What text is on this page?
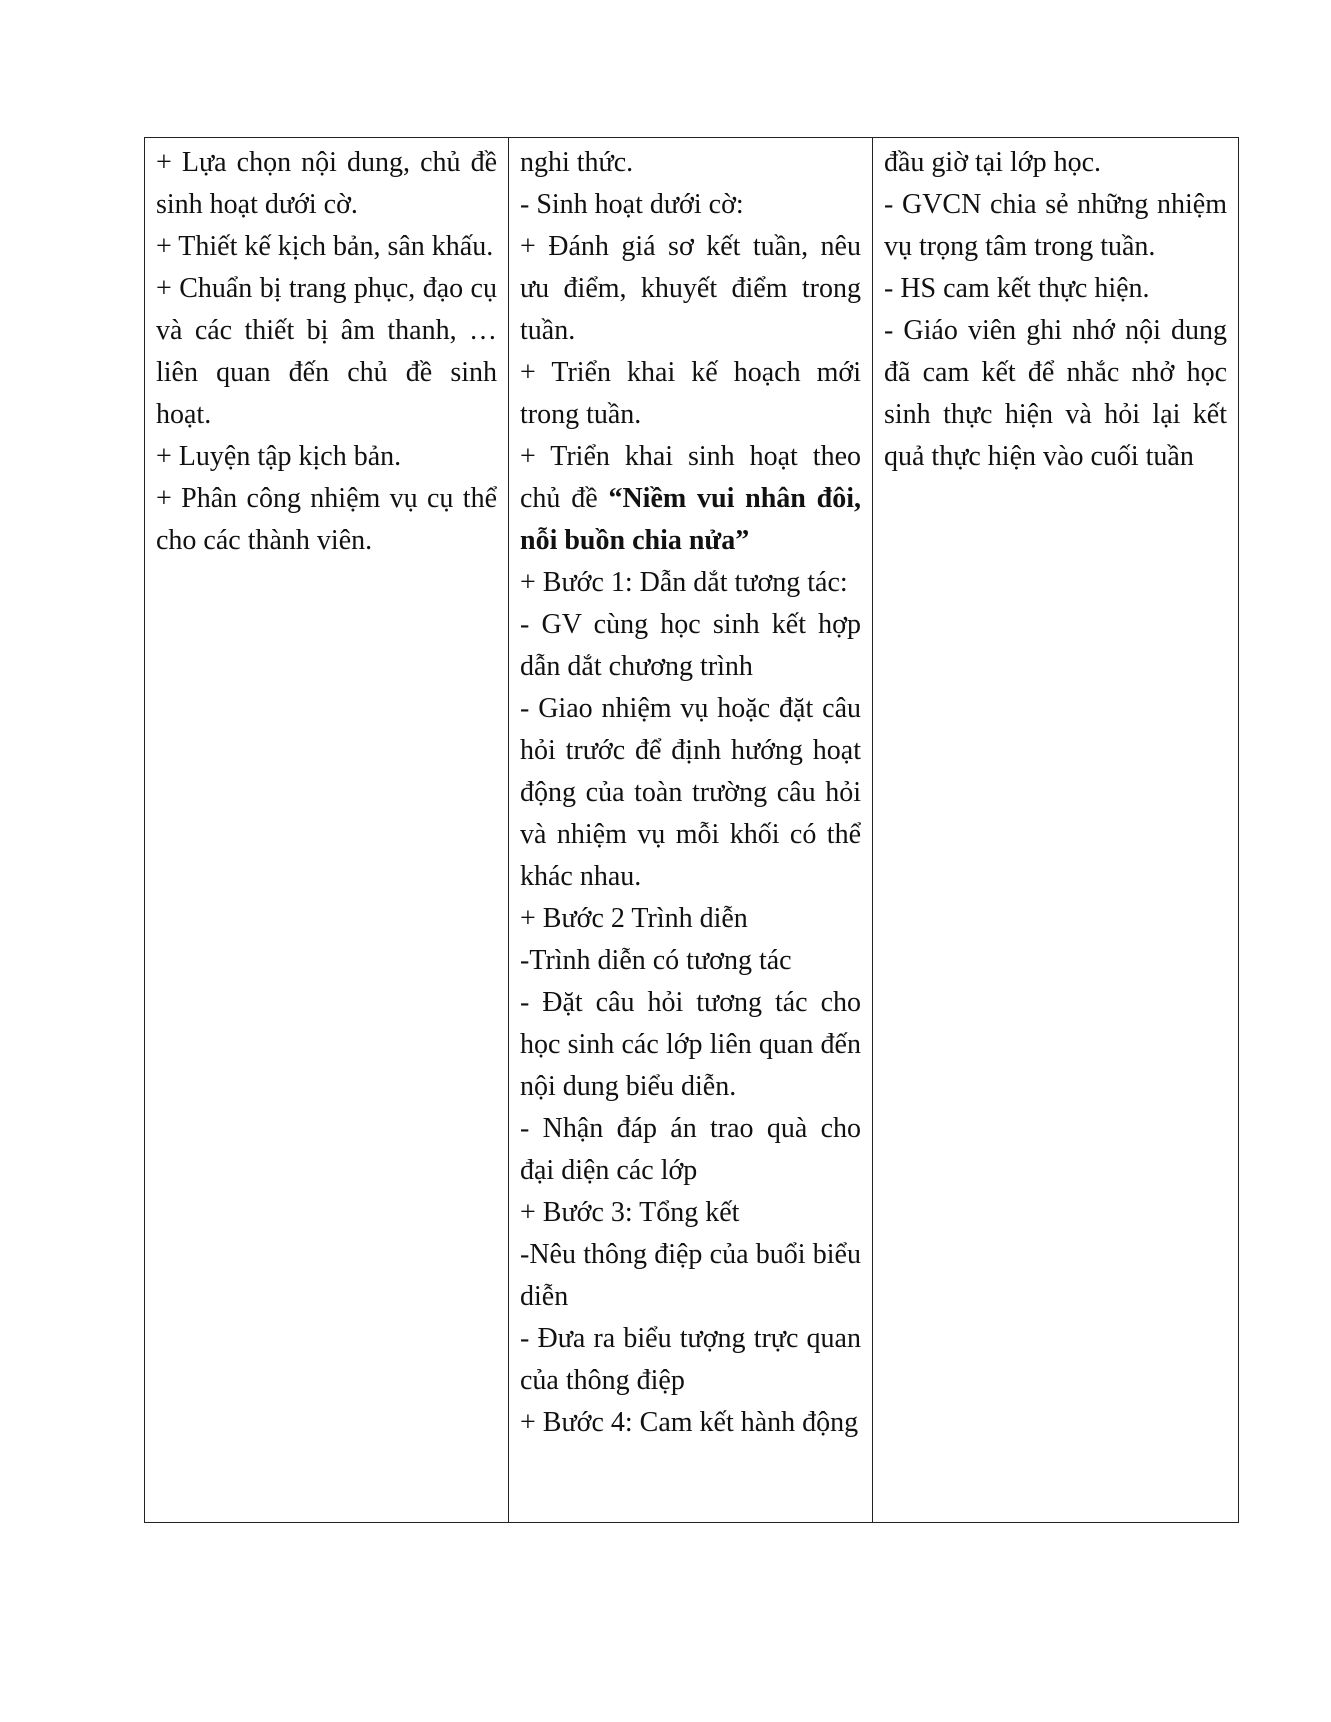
+ Lựa chọn nội dung, chủ đề sinh hoạt dưới cờ.
+ Thiết kế kịch bản, sân khấu.
+ Chuẩn bị trang phục, đạo cụ và các thiết bị âm thanh, … liên quan đến chủ đề sinh hoạt.
+ Luyện tập kịch bản.
+ Phân công nhiệm vụ cụ thể cho các thành viên.

nghi thức.
- Sinh hoạt dưới cờ:
+ Đánh giá sơ kết tuần, nêu ưu điểm, khuyết điểm trong tuần.
+ Triển khai kế hoạch mới trong tuần.
+ Triển khai sinh hoạt theo chủ đề “Niềm vui nhân đôi, nỗi buồn chia nửa”
+ Bước 1: Dẫn dắt tương tác:
- GV cùng học sinh kết hợp dẫn dắt chương trình
- Giao nhiệm vụ hoặc đặt câu hỏi trước để định hướng hoạt động của toàn trường câu hỏi và nhiệm vụ mỗi khối có thể khác nhau.
+ Bước 2 Trình diễn
-Trình diễn có tương tác
- Đặt câu hỏi tương tác cho học sinh các lớp liên quan đến nội dung biểu diễn.
- Nhận đáp án trao quà cho đại diện các lớp
+ Bước 3: Tổng kết
-Nêu thông điệp của buổi biểu diễn
- Đưa ra biểu tượng trực quan của thông điệp
+ Bước 4: Cam kết hành động

đầu giờ tại lớp học.
- GVCN chia sẻ những nhiệm vụ trọng tâm trong tuần.
- HS cam kết thực hiện.
- Giáo viên ghi nhớ nội dung đã cam kết để nhắc nhở học sinh thực hiện và hỏi lại kết quả thực hiện vào cuối tuần
